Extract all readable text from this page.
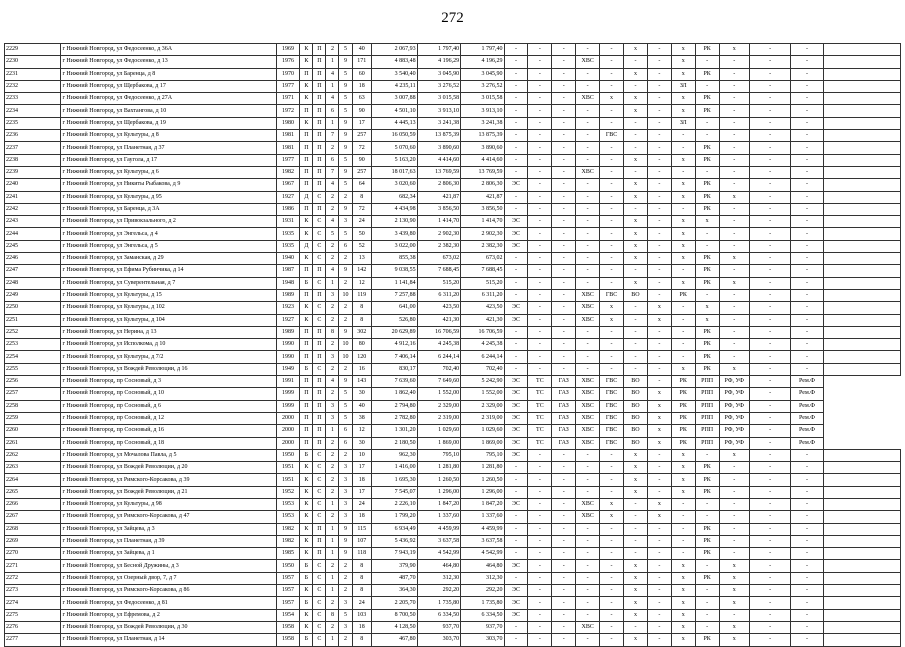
272
2229	г Нижний Новгород, ул Федосеенко, д 36А	1969	К	П	2	5	40	2 067,93	1 797,40	1 797,40	-	-	-	-	-	х	-	х	РК	х	-	-	
2230	г Нижний Новгород, ул Федосеенко, д 13	1976	К	П	1	9	171	4 883,48	4 196,29	4 196,29	-	-	-	ХВС	-	-	-	х	-	-	-	-	
2231	г Нижний Новгород, ул Баренца, д 8	1970	П	П	4	5	60	3 540,40	3 045,90	3 045,90	-	-	-	-	-	х	-	х	РК	-	-	-	
2232	г Нижний Новгород, ул Щербакова, д 17	1977	К	П	1	9	18	4 235,11	3 276,52	3 276,52	-	-	-	-	-	-	-	ЗЛ	-	-	-	-	
2233	г Нижний Новгород, ул Федосеенко, д 27А	1971	К	П	4	5	63	3 007,88	3 015,58	3 015,58	-	-	-	ХВС	х	х	-	х	РК	-	-	-	
2234	г Нижний Новгород, ул Вахтангова, д 10	1972	П	П	6	5	90	4 501,10	3 913,10	3 913,10	-	-	-	-	-	х	-	х	РК	-	-	-	
2235	г Нижний Новгород, ул Щербакова, д 19	1980	К	П	1	9	17	4 445,13	3 241,38	3 241,38	-	-	-	-	-	-	-	ЗЛ	-	-	-	-	
2236	г Нижний Новгород, ул Культуры, д 8	1981	П	П	7	9	257	16 050,59	13 875,39	13 875,39	-	-	-	-	ГВС	-	-	-	-	-	-	-	
2237	г Нижний Новгород, ул Планетная, д 37	1981	П	П	2	9	72	5 070,60	3 890,60	3 890,60	-	-	-	-	-	-	-	-	РК	-	-	-	
2238	г Нижний Новгород, ул Гаугола, д 17	1977	П	П	6	5	90	5 163,20	4 414,60	4 414,60	-	-	-	-	-	х	-	х	РК	-	-	-	
2239	г Нижний Новгород, ул Культуры, д 6	1982	П	П	7	9	257	18 017,63	13 769,59	13 769,59	-	-	-	ХВС	-	-	-	-	-	-	-	-	
2240	г Нижний Новгород, ул Никиты Рыбакова, д 9	1967	П	П	4	5	64	3 020,60	2 806,30	2 806,30	ЭС	-	-	-	-	х	-	х	РК	-	-	-	
2241	г Нижний Новгород, ул Культуры, д 95	1927	Д	С	2	2	8	682,34	421,87	421,87	-	-	-	-	-	х	-	х	РК	х	-	-	
2242	г Нижний Новгород, ул Баренца, д 3А	1986	П	П	2	9	72	4 434,98	3 856,50	3 856,50	-	-	-	-	-	-	-	-	РК	-	-	-	
2243	г Нижний Новгород, ул Привокзального, д 2	1931	К	С	4	3	24	2 130,90	1 414,70	1 414,70	ЭС	-	-	-	-	х	-	х	х	-	-	-	
2244	г Нижний Новгород, ул Энгельса, д 4	1935	К	С	5	5	50	3 439,80	2 902,30	2 902,30	ЭС	-	-	-	-	х	-	х	-	-	-	-	
2245	г Нижний Новгород, ул Энгельса, д 5	1935	Д	С	2	6	52	3 022,00	2 382,30	2 382,30	ЭС	-	-	-	-	х	-	х	-	-	-	-	
2246	г Нижний Новгород, ул Заманская, д 29	1940	К	С	2	2	13	855,38	673,02	673,02	-	-	-	-	-	х	-	х	РК	х	-	-	
2247	г Нижний Новгород, ул Ефима Рубинчика, д 14	1987	П	П	4	9	142	9 038,55	7 688,45	7 688,45	-	-	-	-	-	-	-	-	РК	-	-	-	
2248	г Нижний Новгород, ул Суверентельная, д 7	1948	Б	С	1	2	12	1 141,84	515,20	515,20	-	-	-	-	-	х	-	х	РК	х	-	-	
2249	г Нижний Новгород, ул Культуры, д 15	1989	П	П	3	10	119	7 257,88	6 311,20	6 311,20	-	-	-	ХВС	ГВС	ВО	-	РК	-	-	-	-	
2250	г Нижний Новгород, ул Культуры, д 102	1923	К	С	2	2	8	641,00	423,50	423,50	ЭС	-	-	ХВС	х	-	х	-	х	-	-	-	
2251	г Нижний Новгород, ул Культуры, д 104	1927	К	С	2	2	8	526,80	421,30	421,30	ЭС	-	-	ХВС	х	-	х	-	х	-	-	-	
2252	г Нижний Новгород, ул Нерина, д 13	1989	П	П	8	9	302	20 629,89	16 706,59	16 706,59	-	-	-	-	-	-	-	-	РК	-	-	-	
2253	г Нижний Новгород, ул Исполкома, д 10	1990	П	П	2	10	80	4 912,16	4 245,38	4 245,38	-	-	-	-	-	-	-	-	РК	-	-	-	
2254	г Нижний Новгород, ул Культуры, д 7/2	1990	П	П	3	10	120	7 406,14	6 244,14	6 244,14	-	-	-	-	-	-	-	-	РК	-	-	-	
2255	г Нижний Новгород, ул Вождей Революции, д 16	1949	Б	С	2	2	16	830,17	702,40	702,40	-	-	-	-	-	-	-	х	РК	х	-	-	
2256	г Нижний Новгород, пр Сосновый, д 3	1991	П	П	4	9	143	7 639,60	7 649,60	5 242,90	ЭС	ТС	ГАЗ	ХВС	ГВС	ВО	-	РК	РПП	РФ, УФ	-	Рем.Ф	
2257	г Нижний Новгород, пр Сосновый, д 10	1999	П	П	2	5	30	1 862,40	1 552,00	1 552,00	ЭС	ТС	ГАЗ	ХВС	ГВС	ВО	х	РК	РПП	РФ, УФ	-	Рем.Ф	
2258	г Нижний Новгород, пр Сосновый, д 6	1999	П	П	3	5	40	2 794,80	2 329,00	2 329,00	ЭС	ТС	ГАЗ	ХВС	ГВС	ВО	х	РК	РПП	РФ, УФ	-	Рем.Ф	
2259	г Нижний Новгород, пр Сосновый, д 12	2000	П	П	3	5	38	2 782,80	2 319,00	2 319,00	ЭС	ТС	ГАЗ	ХВС	ГВС	ВО	х	РК	РПП	РФ, УФ	-	Рем.Ф	
2260	г Нижний Новгород, пр Сосновый, д 16	2000	П	П	1	6	12	1 301,20	1 029,60	1 029,60	ЭС	ТС	ГАЗ	ХВС	ГВС	ВО	х	РК	РПП	РФ, УФ	-	Рем.Ф	
2261	г Нижний Новгород, пр Сосновый, д 18	2000	П	П	2	6	30	2 180,50	1 869,00	1 869,00	ЭС	ТС	ГАЗ	ХВС	ГВС	ВО	х	РК	РПП	РФ, УФ	-	Рем.Ф	
2262	г Нижний Новгород, ул Мочалова Павла, д 5	1950	Б	С	2	2	10	962,30	795,10	795,10	ЭС	-	-	-	-	х	-	х	-	х	-	-	
2263	г Нижний Новгород, ул Вождей Революции, д 20	1951	К	С	2	3	17	1 416,00	1 281,80	1 281,80	-	-	-	-	-	х	-	х	РК	-	-	-	
2264	г Нижний Новгород, ул Римского-Корсакова, д 39	1951	К	С	2	3	18	1 695,30	1 260,50	1 260,50	-	-	-	-	-	х	-	х	РК	-	-	-	
2265	г Нижний Новгород, ул Вождей Революции, д 21	1952	К	С	2	3	17	7 545,07	1 296,00	1 296,00	-	-	-	-	-	х	-	х	РК	-	-	-	
2266	г Нижний Новгород, ул Культуры, д 98	1953	К	С	1	3	24	2 226,10	1 847,20	1 847,20	ЭС	-	-	ХВС	х	-	х	-	-	-	-	-	
2267	г Нижний Новгород, ул Римского-Корсакова, д 47	1953	К	С	2	3	18	1 799,20	1 337,60	1 337,60	-	-	-	ХВС	х	-	х	-	-	-	-	-	
2268	г Нижний Новгород, ул Зайцева, д 3	1982	К	П	1	9	115	6 934,49	4 459,99	4 459,99	-	-	-	-	-	-	-	-	РК	-	-	-	
2269	г Нижний Новгород, ул Планетная, д 39	1982	К	П	1	9	107	5 436,92	3 637,58	3 637,58	-	-	-	-	-	-	-	-	РК	-	-	-	
2270	г Нижний Новгород, ул Зайцева, д 1	1985	К	П	1	9	118	7 943,19	4 542,99	4 542,99	-	-	-	-	-	-	-	-	РК	-	-	-	
2271	г Нижний Новгород, ул Бесной Дружины, д 3	1950	Б	С	2	2	8	379,90	464,80	464,80	ЭС	-	-	-	-	х	-	х	-	х	-	-	
2272	г Нижний Новгород, ул Озерный двор, 7, д 7	1957	Б	С	1	2	8	487,70	312,30	312,30	-	-	-	-	-	х	-	х	РК	х	-	-	
2273	г Нижний Новгород, ул Римского-Корсакова, д 86	1957	К	С	1	2	8	364,30	292,20	292,20	ЭС	-	-	-	-	х	-	х	-	х	-	-	
2274	г Нижний Новгород, ул Федосеенко, д 81	1957	Б	С	2	3	24	2 205,70	1 735,80	1 735,80	ЭС	-	-	-	-	х	-	х	-	х	-	-	
2275	г Нижний Новгород, ул Ефремова, д 2	1954	К	С	8	5	103	8 700,50	6 334,50	6 334,50	ЭС	-	-	-	-	х	-	х	-	-	-	-	
2276	г Нижний Новгород, ул Вождей Революции, д 30	1958	К	С	2	3	18	4 128,50	937,70	937,70	-	-	-	ХВС	-	-	-	х	-	х	-	-	
2277	г Нижний Новгород, ул Планетная, д 14	1958	Б	С	1	2	8	467,80	303,70	303,70	-	-	-	-	-	х	-	х	РК	х	-	-	
